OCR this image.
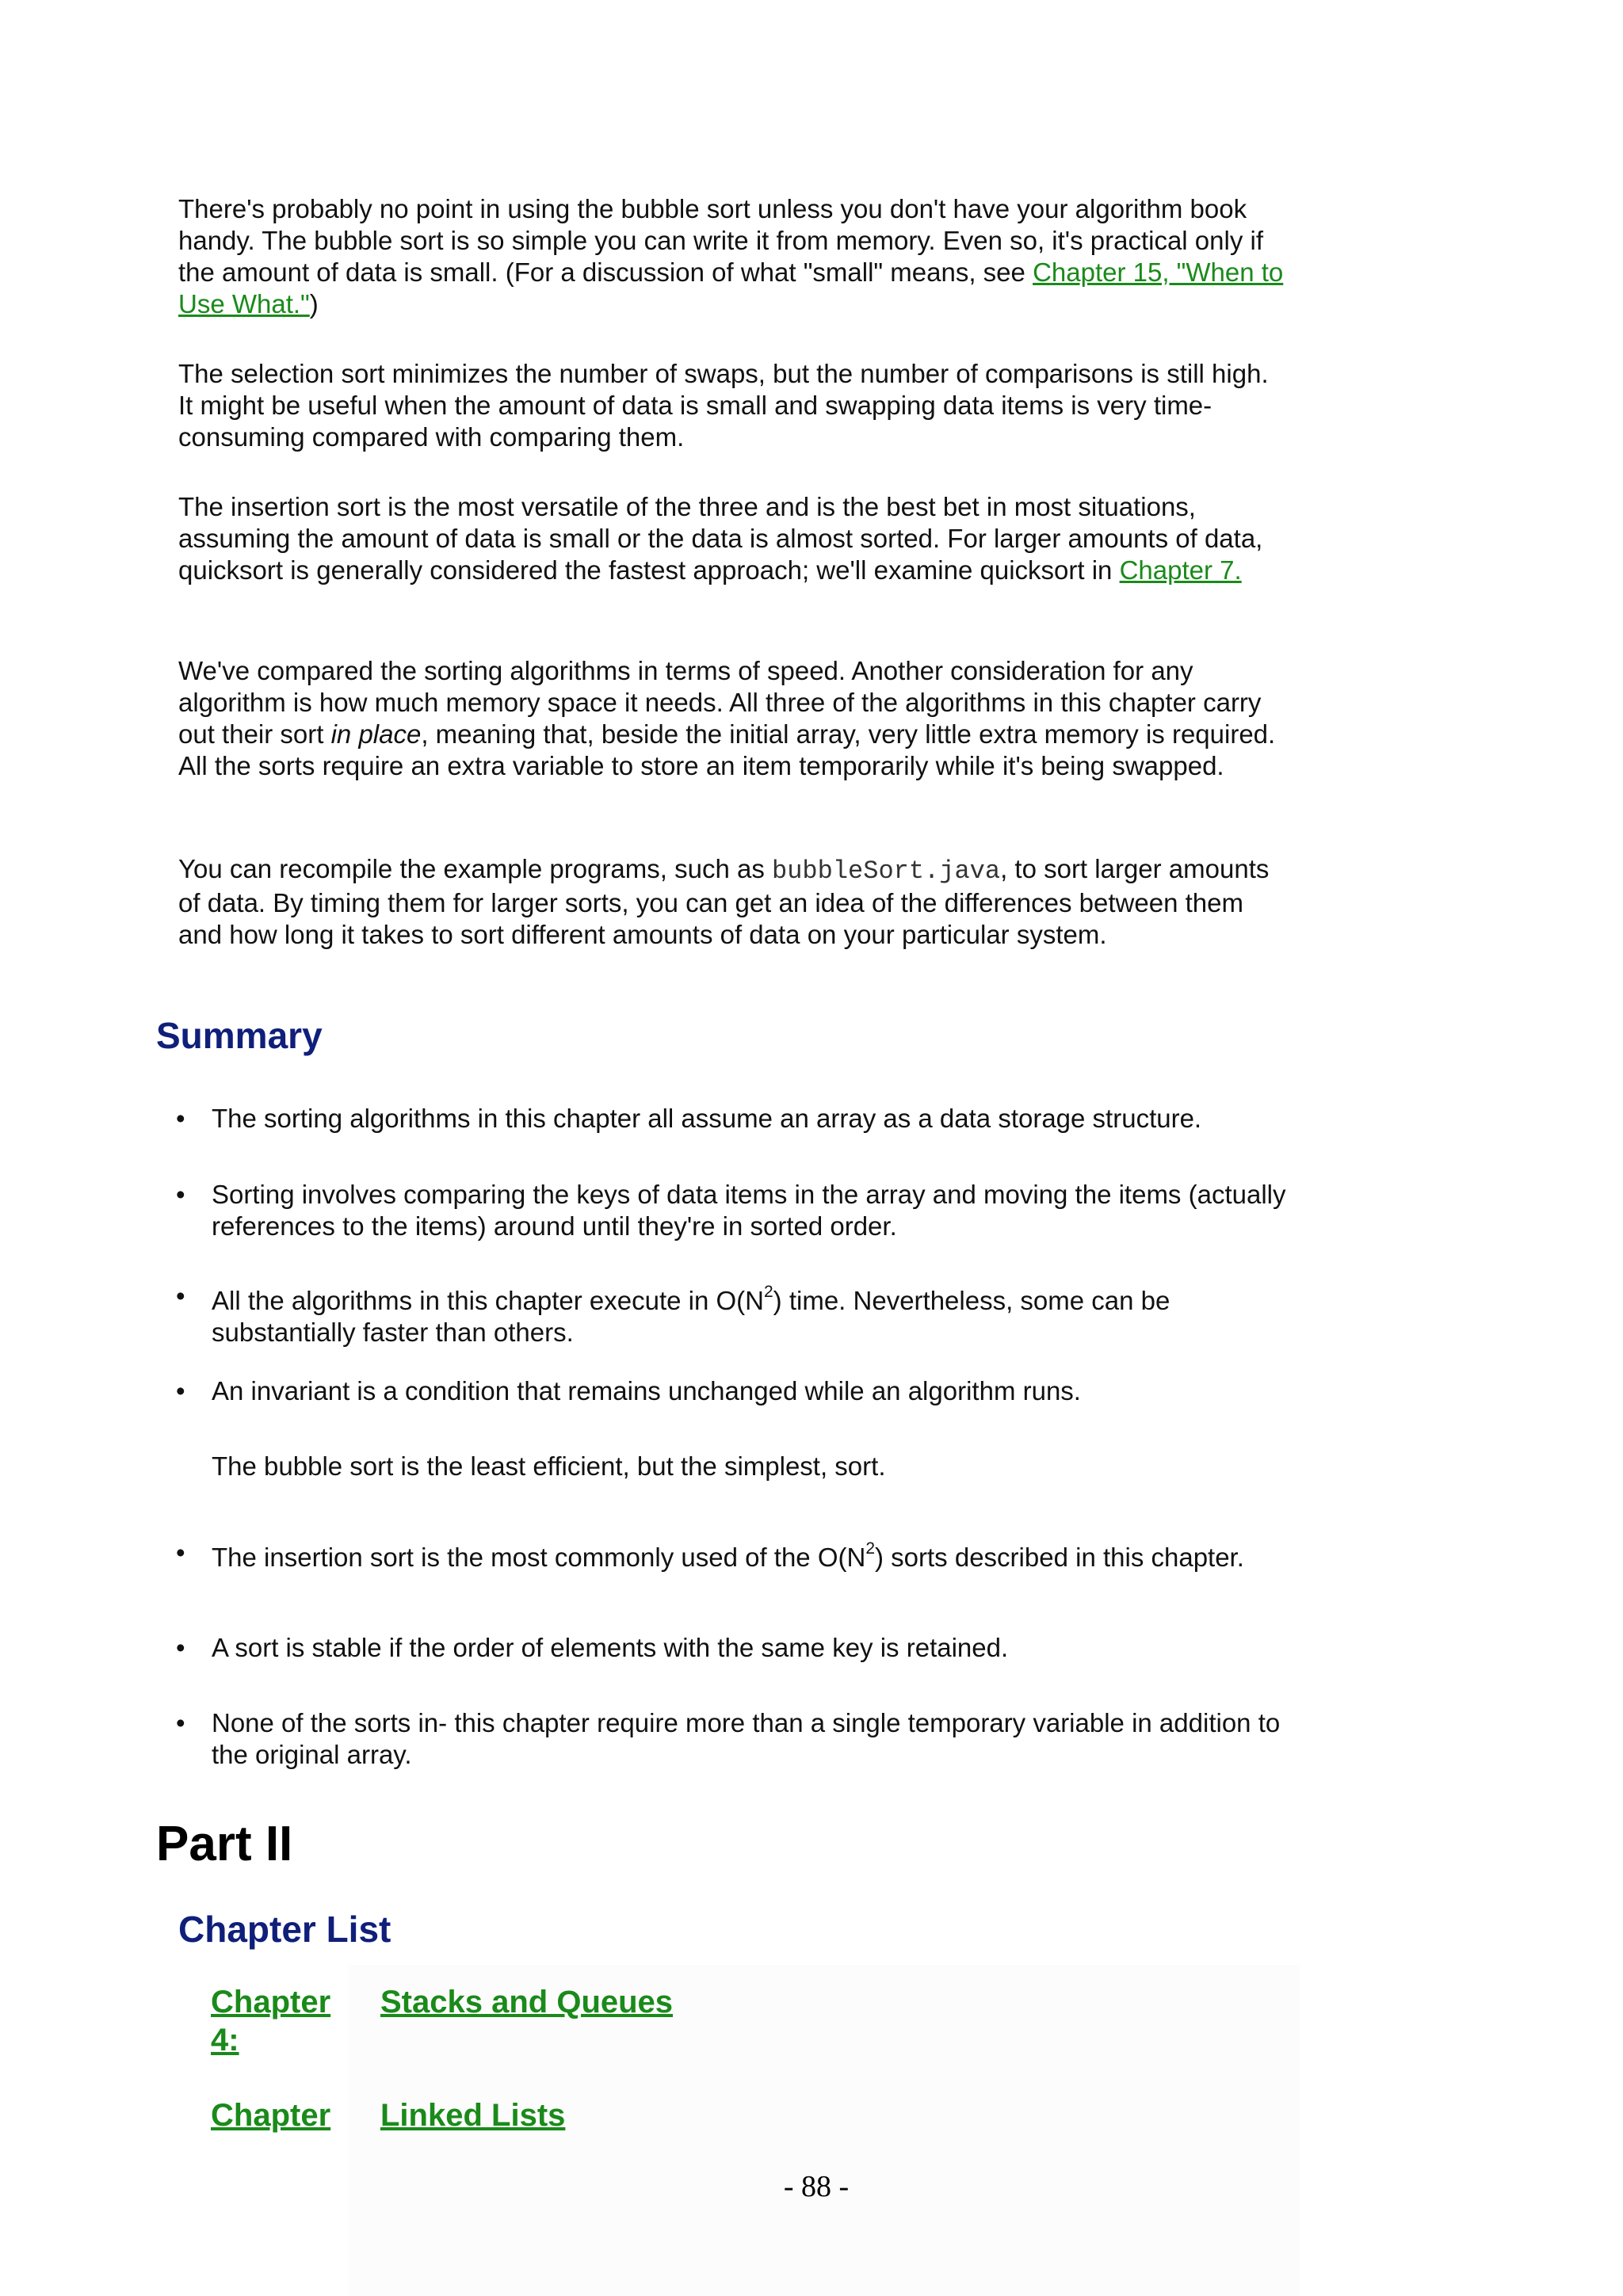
There's probably no point in using the bubble sort unless you don't have your algorithm book handy. The bubble sort is so simple you can write it from memory. Even so, it's practical only if the amount of data is small. (For a discussion of what "small" means, see Chapter 15, "When to Use What.")

The selection sort minimizes the number of swaps, but the number of comparisons is still high. It might be useful when the amount of data is small and swapping data items is very time-consuming compared with comparing them.

The insertion sort is the most versatile of the three and is the best bet in most situations, assuming the amount of data is small or the data is almost sorted. For larger amounts of data, quicksort is generally considered the fastest approach; we'll examine quicksort in Chapter 7.

We've compared the sorting algorithms in terms of speed. Another consideration for any algorithm is how much memory space it needs. All three of the algorithms in this chapter carry out their sort in place, meaning that, beside the initial array, very little extra memory is required. All the sorts require an extra variable to store an item temporarily while it's being swapped.

You can recompile the example programs, such as bubbleSort.java, to sort larger amounts of data. By timing them for larger sorts, you can get an idea of the differences between them and how long it takes to sort different amounts of data on your particular system.

Summary
• The sorting algorithms in this chapter all assume an array as a data storage structure.
• Sorting involves comparing the keys of data items in the array and moving the items (actually references to the items) around until they're in sorted order.
• All the algorithms in this chapter execute in $O(N^2)$ time. Nevertheless, some can be substantially faster than others.
• An invariant is a condition that remains unchanged while an algorithm runs.
The bubble sort is the least efficient, but the simplest, sort.
• The insertion sort is the most commonly used of the $O(N^2)$ sorts described in this chapter.
• A sort is stable if the order of elements with the same key is retained.
• None of the sorts in- this chapter require more than a single temporary variable in addition to the original array.
Part II
Chapter List
Chapter
4:
Stacks and Queues
Chapter Linked Lists
- 88 -
